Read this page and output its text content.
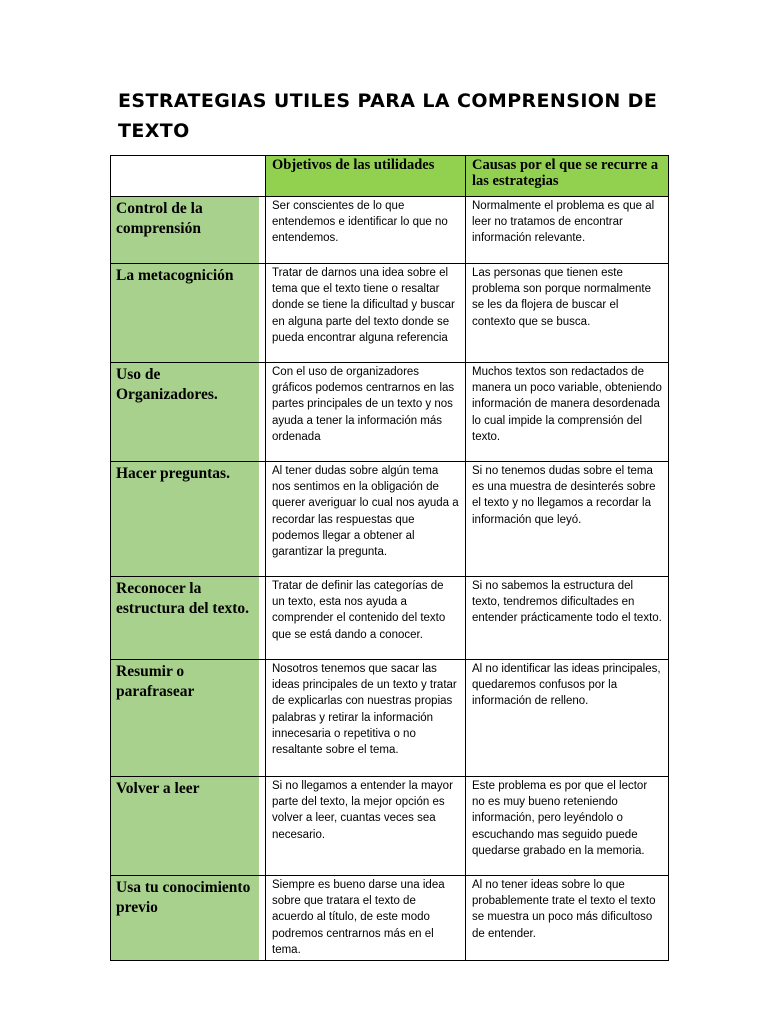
ESTRATEGIAS UTILES PARA LA COMPRENSION DE TEXTO

	Objetivos de las utilidades	Causas por el que se recurre a las estrategias

Control de la comprensión	Ser conscientes de lo que entendemos e identificar lo que no entendemos.	Normalmente el problema es que al leer no tratamos de encontrar información relevante.

La metacognición	Tratar de darnos una idea sobre el tema que el texto tiene o resaltar donde se tiene la dificultad y buscar en alguna parte del texto donde se pueda encontrar alguna referencia	Las personas que tienen este problema son porque normalmente se les da flojera de buscar el contexto que se busca.

Uso de Organizadores.	Con el uso de organizadores gráficos podemos centrarnos en las partes principales de un texto y nos ayuda a tener la información más ordenada	Muchos textos son redactados de manera un poco variable, obteniendo información de manera desordenada lo cual impide la comprensión del texto.

Hacer preguntas.	Al tener dudas sobre algún tema nos sentimos en la obligación de querer averiguar lo cual nos ayuda a recordar las respuestas que podemos llegar a obtener al garantizar la pregunta.	Si no tenemos dudas sobre el tema es una muestra de desinterés sobre el texto y no llegamos a recordar la información que leyó.

Reconocer la estructura del texto.	Tratar de definir las categorías de un texto, esta nos ayuda a comprender el contenido del texto que se está dando a conocer.	Si no sabemos la estructura del texto, tendremos dificultades en entender prácticamente todo el texto.

Resumir o parafrasear	Nosotros tenemos que sacar las ideas principales de un texto y tratar de explicarlas con nuestras propias palabras y retirar la información innecesaria o repetitiva o no resaltante sobre el tema.	Al no identificar las ideas principales, quedaremos confusos por la información de relleno.

Volver a leer	Si no llegamos a entender la mayor parte del texto, la mejor opción es volver a leer, cuantas veces sea necesario.	Este problema es por que el lector no es muy bueno reteniendo información, pero leyéndolo o escuchando mas seguido puede quedarse grabado en la memoria.

Usa tu conocimiento previo	Siempre es bueno darse una idea sobre que tratara el texto de acuerdo al título, de este modo podremos centrarnos más en el tema.	Al no tener ideas sobre lo que probablemente trate el texto el texto se muestra un poco más dificultoso de entender.
